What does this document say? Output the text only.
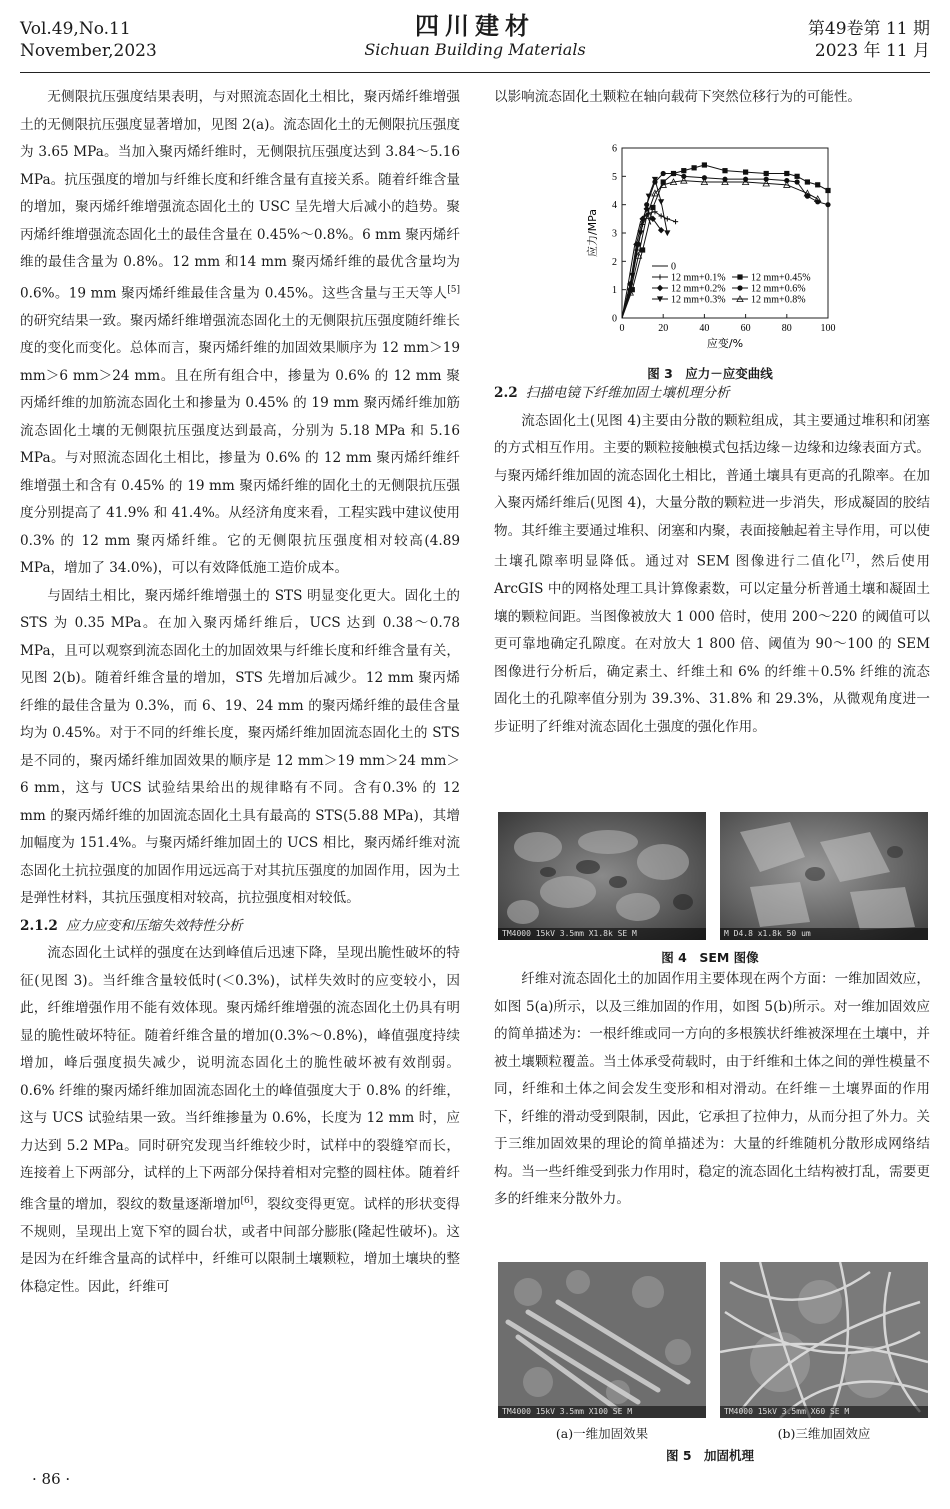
Vol.49,No.11
November,2023
四川建材
Sichuan Building Materials
第49卷第 11 期
2023 年 11 月

无侧限抗压强度结果表明，与对照流态固化土相比，聚丙烯纤维增强土的无侧限抗压强度显著增加，见图 2(a)。流态固化土的无侧限抗压强度为 3.65 MPa。当加入聚丙烯纤维时，无侧限抗压强度达到 3.84～5.16 MPa。抗压强度的增加与纤维长度和纤维含量有直接关系。随着纤维含量的增加，聚丙烯纤维增强流态固化土的 USC 呈先增大后减小的趋势。聚丙烯纤维增强流态固化土的最佳含量在 0.45%～0.8%。6 mm 聚丙烯纤维的最佳含量为 0.8%。12 mm 和14 mm 聚丙烯纤维的最优含量均为 0.6%。19 mm 聚丙烯纤维最佳含量为 0.45%。这些含量与王天等人[5]的研究结果一致。聚丙烯纤维增强流态固化土的无侧限抗压强度随纤维长度的变化而变化。总体而言，聚丙烯纤维的加固效果顺序为 12 mm＞19 mm＞6 mm＞24 mm。且在所有组合中，掺量为 0.6% 的 12 mm 聚丙烯纤维的加筋流态固化土和掺量为 0.45% 的 19 mm 聚丙烯纤维加筋流态固化土壤的无侧限抗压强度达到最高，分别为 5.18 MPa 和 5.16 MPa。与对照流态固化土相比，掺量为 0.6% 的 12 mm 聚丙烯纤维纤维增强土和含有 0.45% 的 19 mm 聚丙烯纤维的固化土的无侧限抗压强度分别提高了 41.9% 和 41.4%。从经济角度来看，工程实践中建议使用0.3% 的 12 mm 聚丙烯纤维。它的无侧限抗压强度相对较高(4.89 MPa，增加了 34.0%)，可以有效降低施工造价成本。

与固结土相比，聚丙烯纤维增强土的 STS 明显变化更大。固化土的 STS 为 0.35 MPa。在加入聚丙烯纤维后，UCS 达到 0.38～0.78 MPa，且可以观察到流态固化土的加固效果与纤维长度和纤维含量有关，见图 2(b)。随着纤维含量的增加，STS 先增加后减少。12 mm 聚丙烯纤维的最佳含量为 0.3%，而 6、19、24 mm 的聚丙烯纤维的最佳含量均为 0.45%。对于不同的纤维长度，聚丙烯纤维加固流态固化土的 STS 是不同的，聚丙烯纤维加固效果的顺序是 12 mm＞19 mm＞24 mm＞6 mm，这与 UCS 试验结果给出的规律略有不同。含有0.3% 的 12 mm 的聚丙烯纤维的加固流态固化土具有最高的 STS(5.88 MPa)，其增加幅度为 151.4%。与聚丙烯纤维加固土的 UCS 相比，聚丙烯纤维对流态固化土抗拉强度的加固作用远远高于对其抗压强度的加固作用，因为土是弹性材料，其抗压强度相对较高，抗拉强度相对较低。

2.1.2 应力应变和压缩失效特性分析

流态固化土试样的强度在达到峰值后迅速下降，呈现出脆性破坏的特征(见图 3)。当纤维含量较低时(＜0.3%)，试样失效时的应变较小，因此，纤维增强作用不能有效体现。聚丙烯纤维增强的流态固化土仍具有明显的脆性破坏特征。随着纤维含量的增加(0.3%～0.8%)，峰值强度持续增加，峰后强度损失减少，说明流态固化土的脆性破坏被有效削弱。0.6% 纤维的聚丙烯纤维加固流态固化土的峰值强度大于 0.8% 的纤维，这与 UCS 试验结果一致。当纤维掺量为 0.6%，长度为 12 mm 时，应力达到 5.2 MPa。同时研究发现当纤维较少时，试样中的裂缝窄而长，连接着上下两部分，试样的上下两部分保持着相对完整的圆柱体。随着纤维含量的增加，裂纹的数量逐渐增加[6]，裂纹变得更宽。试样的形状变得不规则，呈现出上宽下窄的圆台状，或者中间部分膨胀(隆起性破坏)。这是因为在纤维含量高的试样中，纤维可以限制土壤颗粒，增加土壤块的整体稳定性。因此，纤维可

以影响流态固化土颗粒在轴向载荷下突然位移行为的可能性。

0	20	40	60	80	100
0
1
2
3
4
5
6
应变/%
应力/MPa
0
12 mm+0.1%
12 mm+0.2%
12 mm+0.3%
12 mm+0.45%
12 mm+0.6%
12 mm+0.8%
图 3　应力－应变曲线
2.2 扫描电镜下纤维加固土壤机理分析

流态固化土(见图 4)主要由分散的颗粒组成，其主要通过堆积和闭塞的方式相互作用。主要的颗粒接触模式包括边缘－边缘和边缘表面方式。与聚丙烯纤维加固的流态固化土相比，普通土壤具有更高的孔隙率。在加入聚丙烯纤维后(见图 4)，大量分散的颗粒进一步消失，形成凝固的胶结物。其纤维主要通过堆积、闭塞和内聚，表面接触起着主导作用，可以使土壤孔隙率明显降低。通过对 SEM 图像进行二值化[7]，然后使用 ArcGIS 中的网格处理工具计算像素数，可以定量分析普通土壤和凝固土壤的颗粒间距。当图像被放大 1 000 倍时，使用 200～220 的阈值可以更可靠地确定孔隙度。在对放大 1 800 倍、阈值为 90～100 的 SEM 图像进行分析后，确定素土、纤维土和 6% 的纤维＋0.5% 纤维的流态固化土的孔隙率值分别为 39.3%、31.8% 和 29.3%，从微观角度进一步证明了纤维对流态固化土强度的强化作用。

TM4000 15kV 3.5mm X1.8k SE M	M D4.8 x1.8k 50 um
图 4　SEM 图像

纤维对流态固化土的加固作用主要体现在两个方面：一维加固效应，如图 5(a)所示，以及三维加固的作用，如图 5(b)所示。对一维加固效应的简单描述为：一根纤维或同一方向的多根簇状纤维被深埋在土壤中，并被土壤颗粒覆盖。当土体承受荷载时，由于纤维和土体之间的弹性模量不同，纤维和土体之间会发生变形和相对滑动。在纤维－土壤界面的作用下，纤维的滑动受到限制，因此，它承担了拉伸力，从而分担了外力。关于三维加固效果的理论的简单描述为：大量的纤维随机分散形成网络结构。当一些纤维受到张力作用时，稳定的流态固化土结构被打乱，需要更多的纤维来分散外力。

TM4000 15kV 3.5mm X100 SE M	TM4000 15kV 3.5mm X60 SE M
(a)一维加固效果	(b)三维加固效应
图 5　加固机理
· 86 ·
